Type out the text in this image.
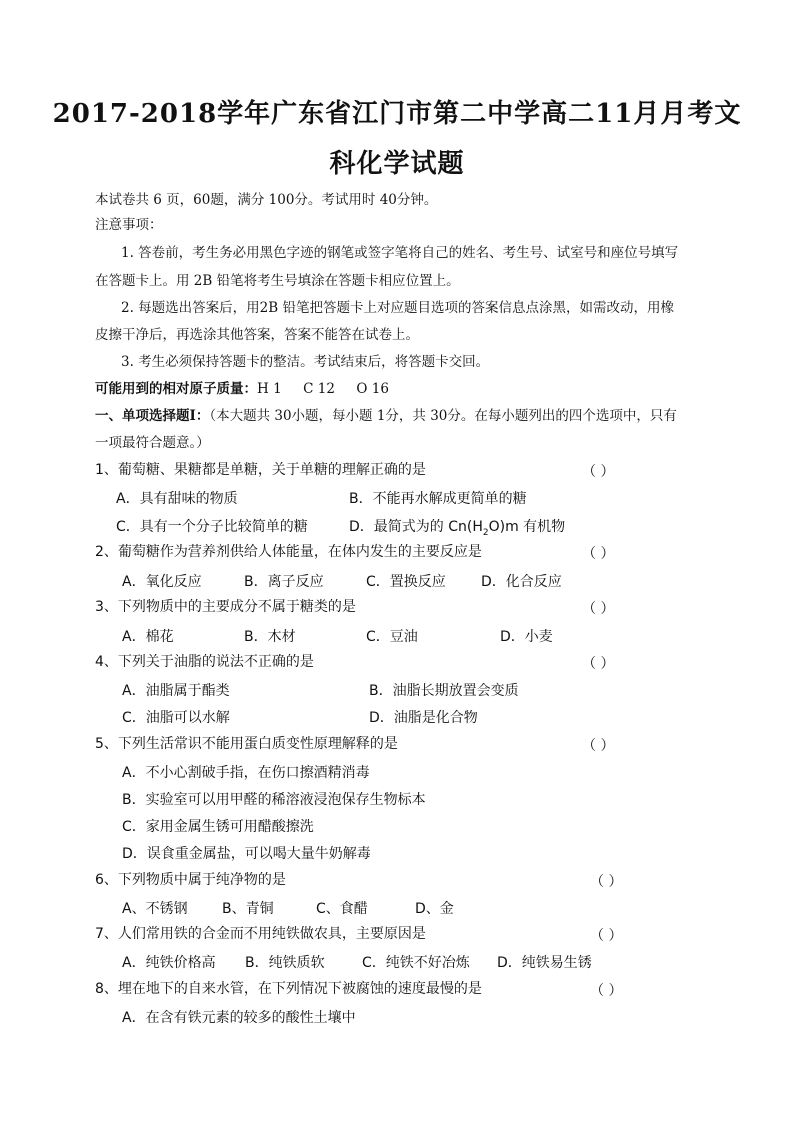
2017-2018学年广东省江门市第二中学高二11月月考文
科化学试题
本试卷共 6 页，60题，满分 100分。考试用时 40分钟。
注意事项：
1. 答卷前，考生务必用黑色字迹的钢笔或签字笔将自己的姓名、考生号、试室号和座位号填写
在答题卡上。用 2B 铅笔将考生号填涂在答题卡相应位置上。
2. 每题选出答案后，用2B 铅笔把答题卡上对应题目选项的答案信息点涂黑，如需改动，用橡
皮擦干净后，再选涂其他答案，答案不能答在试卷上。
3. 考生必须保持答题卡的整洁。考试结束后，将答题卡交回。
可能用到的相对原子质量：H 1     C 12     O 16
一、单项选择题Ⅰ：（本大题共 30小题，每小题 1分，共 30分。在每小题列出的四个选项中，只有
一项最符合题意。）
1、葡萄糖、果糖都是单糖，关于单糖的理解正确的是	（ ）
A．具有甜味的物质	B．不能再水解成更简单的糖
C．具有一个分子比较简单的糖	D．最简式为的 $Cn(H_2O)m$ 有机物
2、葡萄糖作为营养剂供给人体能量，在体内发生的主要反应是	（ ）
A．氧化反应	B．离子反应	C．置换反应	D．化合反应
3、下列物质中的主要成分不属于糖类的是	（ ）
A．棉花	B．木材	C．豆油	D．小麦
4、下列关于油脂的说法不正确的是	（ ）
A．油脂属于酯类	B．油脂长期放置会变质
C．油脂可以水解	D．油脂是化合物
5、下列生活常识不能用蛋白质变性原理解释的是	（ ）
A．不小心割破手指，在伤口擦酒精消毒
B．实验室可以用甲醛的稀溶液浸泡保存生物标本
C．家用金属生锈可用醋酸擦洗
D．误食重金属盐，可以喝大量牛奶解毒
6、下列物质中属于纯净物的是	（ ）
A、不锈钢 B、青铜	C、食醋	D、金
7、人们常用铁的合金而不用纯铁做农具，主要原因是	（ ）
A．纯铁价格高 B．纯铁质软	C．纯铁不好冶炼 D．纯铁易生锈
8、埋在地下的自来水管，在下列情况下被腐蚀的速度最慢的是	（ ）
A．在含有铁元素的较多的酸性土壤中
